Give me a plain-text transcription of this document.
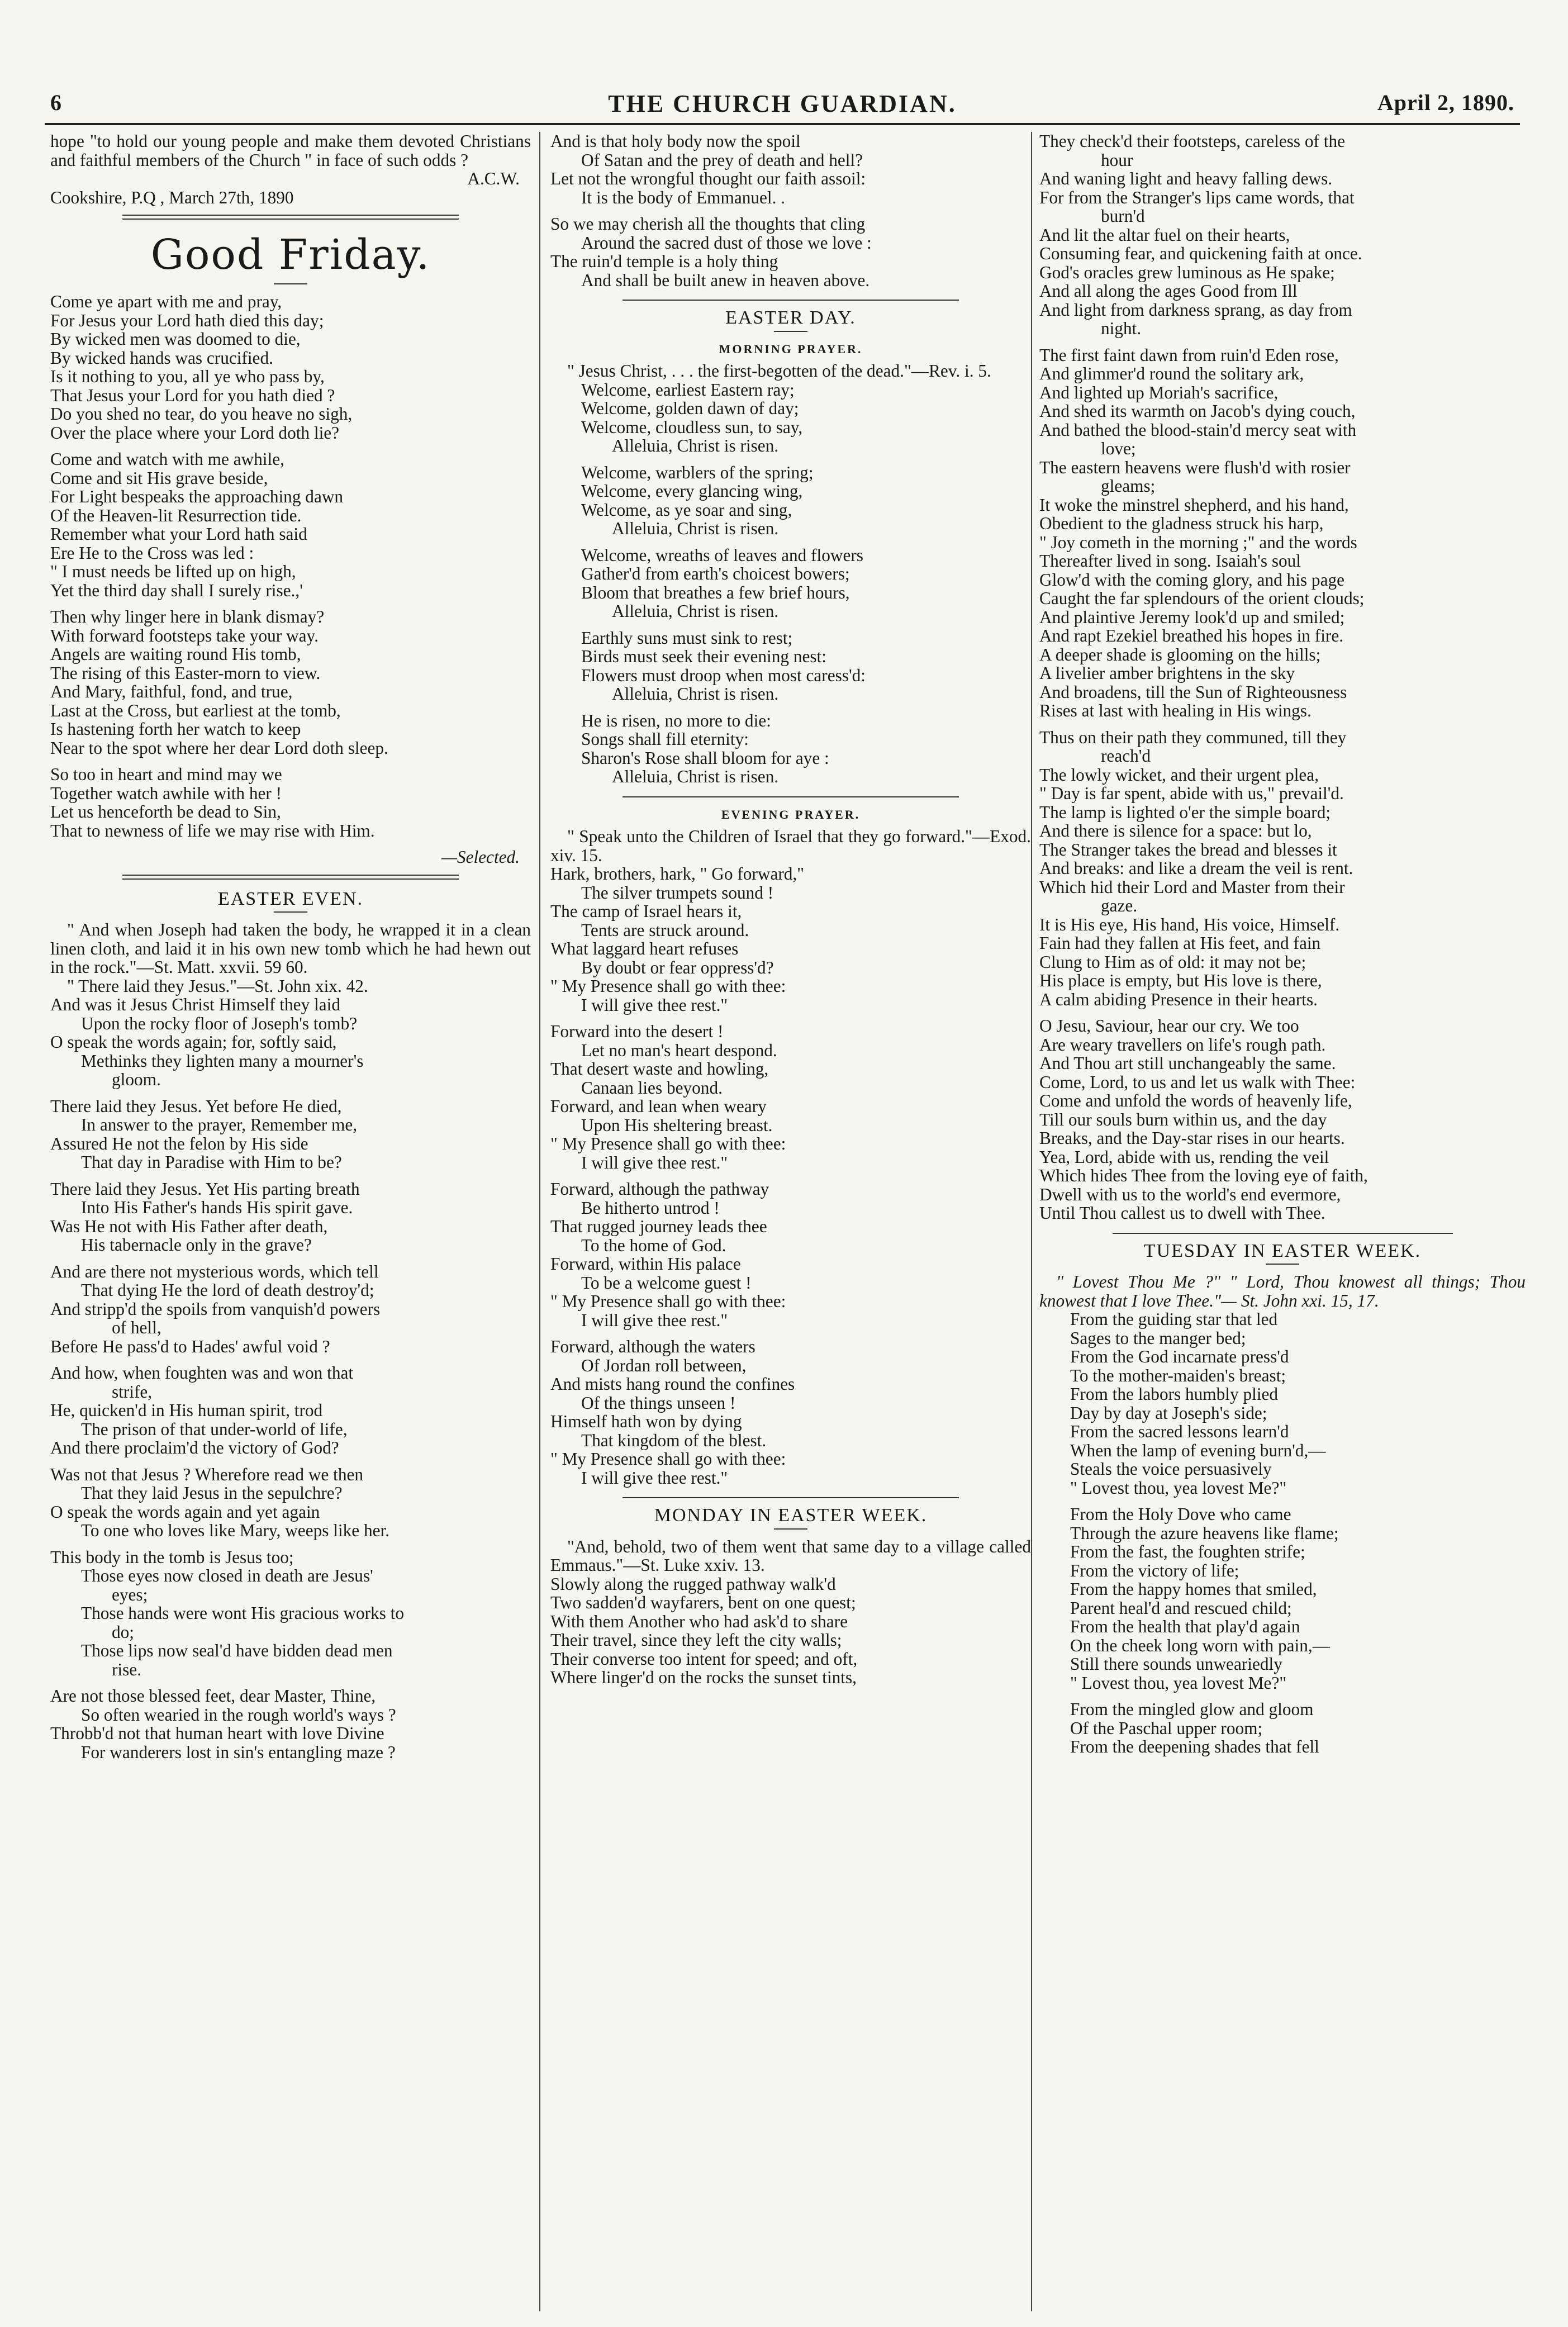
6	THE CHURCH GUARDIAN.	April 2, 1890.

hope "to hold our young people and make them devoted Christians and faithful members of the Church " in face of such odds ?

A.C.W.

Cookshire, P.Q , March 27th, 1890

Good Friday.
Come ye apart with me and pray,
For Jesus your Lord hath died this day;
By wicked men was doomed to die,
By wicked hands was crucified.
Is it nothing to you, all ye who pass by,
That Jesus your Lord for you hath died ?
Do you shed no tear, do you heave no sigh,
Over the place where your Lord doth lie?
Come and watch with me awhile,
Come and sit His grave beside,
For Light bespeaks the approaching dawn
Of the Heaven-lit Resurrection tide.
Remember what your Lord hath said
Ere He to the Cross was led :
" I must needs be lifted up on high,
Yet the third day shall I surely rise.,'
Then why linger here in blank dismay?
With forward footsteps take your way.
Angels are waiting round His tomb,
The rising of this Easter-morn to view.
And Mary, faithful, fond, and true,
Last at the Cross, but earliest at the tomb,
Is hastening forth her watch to keep
Near to the spot where her dear Lord doth sleep.
So too in heart and mind may we
Together watch awhile with her !
Let us henceforth be dead to Sin,
That to newness of life we may rise with Him.

—Selected.

EASTER EVEN.

" And when Joseph had taken the body, he wrapped it in a clean linen cloth, and laid it in his own new tomb which he had hewn out in the rock."—St. Matt. xxvii. 59 60.

" There laid they Jesus."—St. John xix. 42.

And was it Jesus Christ Himself they laid
Upon the rocky floor of Joseph's tomb?
O speak the words again; for, softly said,
Methinks they lighten many a mourner's
gloom.
There laid they Jesus. Yet before He died,
In answer to the prayer, Remember me,
Assured He not the felon by His side
That day in Paradise with Him to be?
There laid they Jesus. Yet His parting breath
Into His Father's hands His spirit gave.
Was He not with His Father after death,
His tabernacle only in the grave?
And are there not mysterious words, which tell
That dying He the lord of death destroy'd;
And stripp'd the spoils from vanquish'd powers
of hell,
Before He pass'd to Hades' awful void ?
And how, when foughten was and won that
strife,
He, quicken'd in His human spirit, trod
The prison of that under-world of life,
And there proclaim'd the victory of God?
Was not that Jesus ? Wherefore read we then
That they laid Jesus in the sepulchre?
O speak the words again and yet again
To one who loves like Mary, weeps like her.
This body in the tomb is Jesus too;
Those eyes now closed in death are Jesus'
eyes;
Those hands were wont His gracious works to
do;
Those lips now seal'd have bidden dead men
rise.
Are not those blessed feet, dear Master, Thine,
So often wearied in the rough world's ways ?
Throbb'd not that human heart with love Divine
For wanderers lost in sin's entangling maze ?
And is that holy body now the spoil
Of Satan and the prey of death and hell?
Let not the wrongful thought our faith assoil:
It is the body of Emmanuel. .
So we may cherish all the thoughts that cling
Around the sacred dust of those we love :
The ruin'd temple is a holy thing
And shall be built anew in heaven above.
EASTER DAY.
MORNING PRAYER.

" Jesus Christ, . . . the first-begotten of the dead."—Rev. i. 5.

Welcome, earliest Eastern ray;
Welcome, golden dawn of day;
Welcome, cloudless sun, to say,
Alleluia, Christ is risen.
Welcome, warblers of the spring;
Welcome, every glancing wing,
Welcome, as ye soar and sing,
Alleluia, Christ is risen.
Welcome, wreaths of leaves and flowers
Gather'd from earth's choicest bowers;
Bloom that breathes a few brief hours,
Alleluia, Christ is risen.
Earthly suns must sink to rest;
Birds must seek their evening nest:
Flowers must droop when most caress'd:
Alleluia, Christ is risen.
He is risen, no more to die:
Songs shall fill eternity:
Sharon's Rose shall bloom for aye :
Alleluia, Christ is risen.
EVENING PRAYER.

" Speak unto the Children of Israel that they go forward."—Exod. xiv. 15.

Hark, brothers, hark, " Go forward,"
The silver trumpets sound !
The camp of Israel hears it,
Tents are struck around.
What laggard heart refuses
By doubt or fear oppress'd?
" My Presence shall go with thee:
I will give thee rest."
Forward into the desert !
Let no man's heart despond.
That desert waste and howling,
Canaan lies beyond.
Forward, and lean when weary
Upon His sheltering breast.
" My Presence shall go with thee:
I will give thee rest."
Forward, although the pathway
Be hitherto untrod !
That rugged journey leads thee
To the home of God.
Forward, within His palace
To be a welcome guest !
" My Presence shall go with thee:
I will give thee rest."
Forward, although the waters
Of Jordan roll between,
And mists hang round the confines
Of the things unseen !
Himself hath won by dying
That kingdom of the blest.
" My Presence shall go with thee:
I will give thee rest."
MONDAY IN EASTER WEEK.

"And, behold, two of them went that same day to a village called Emmaus."—St. Luke xxiv. 13.

Slowly along the rugged pathway walk'd
Two sadden'd wayfarers, bent on one quest;
With them Another who had ask'd to share
Their travel, since they left the city walls;
Their converse too intent for speed; and oft,
Where linger'd on the rocks the sunset tints,
They check'd their footsteps, careless of the
hour
And waning light and heavy falling dews.
For from the Stranger's lips came words, that
burn'd
And lit the altar fuel on their hearts,
Consuming fear, and quickening faith at once.
God's oracles grew luminous as He spake;
And all along the ages Good from Ill
And light from darkness sprang, as day from
night.
The first faint dawn from ruin'd Eden rose,
And glimmer'd round the solitary ark,
And lighted up Moriah's sacrifice,
And shed its warmth on Jacob's dying couch,
And bathed the blood-stain'd mercy seat with
love;
The eastern heavens were flush'd with rosier
gleams;
It woke the minstrel shepherd, and his hand,
Obedient to the gladness struck his harp,
" Joy cometh in the morning ;" and the words
Thereafter lived in song. Isaiah's soul
Glow'd with the coming glory, and his page
Caught the far splendours of the orient clouds;
And plaintive Jeremy look'd up and smiled;
And rapt Ezekiel breathed his hopes in fire.
A deeper shade is glooming on the hills;
A livelier amber brightens in the sky
And broadens, till the Sun of Righteousness
Rises at last with healing in His wings.
Thus on their path they communed, till they
reach'd
The lowly wicket, and their urgent plea,
" Day is far spent, abide with us," prevail'd.
The lamp is lighted o'er the simple board;
And there is silence for a space: but lo,
The Stranger takes the bread and blesses it
And breaks: and like a dream the veil is rent.
Which hid their Lord and Master from their
gaze.
It is His eye, His hand, His voice, Himself.
Fain had they fallen at His feet, and fain
Clung to Him as of old: it may not be;
His place is empty, but His love is there,
A calm abiding Presence in their hearts.
O Jesu, Saviour, hear our cry. We too
Are weary travellers on life's rough path.
And Thou art still unchangeably the same.
Come, Lord, to us and let us walk with Thee:
Come and unfold the words of heavenly life,
Till our souls burn within us, and the day
Breaks, and the Day-star rises in our hearts.
Yea, Lord, abide with us, rending the veil
Which hides Thee from the loving eye of faith,
Dwell with us to the world's end evermore,
Until Thou callest us to dwell with Thee.
TUESDAY IN EASTER WEEK.

" Lovest Thou Me ?" " Lord, Thou knowest all things; Thou knowest that I love Thee."— St. John xxi. 15, 17.

From the guiding star that led
Sages to the manger bed;
From the God incarnate press'd
To the mother-maiden's breast;
From the labors humbly plied
Day by day at Joseph's side;
From the sacred lessons learn'd
When the lamp of evening burn'd,—
Steals the voice persuasively
" Lovest thou, yea lovest Me?"
From the Holy Dove who came
Through the azure heavens like flame;
From the fast, the foughten strife;
From the victory of life;
From the happy homes that smiled,
Parent heal'd and rescued child;
From the health that play'd again
On the cheek long worn with pain,—
Still there sounds unweariedly
" Lovest thou, yea lovest Me?"
From the mingled glow and gloom
Of the Paschal upper room;
From the deepening shades that fell
